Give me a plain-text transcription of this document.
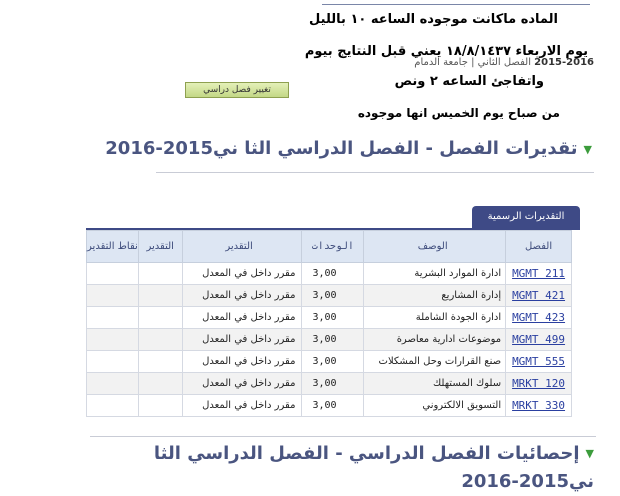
الماده ماكانت موجوده الساعه ١٠ بالليل
يوم الاربعاء ١٨/٨/١٤٣٧ يعني قبل النتايج بيوم
2015-2016 الفصل الثاني | جامعة الدمام
واتفاجئ الساعه ٢ ونص
من صباح يوم الخميس انها موجوده
تغيير فصل دراسي
▼تقديرات الفصل - الفصل الدراسي الثا ني2015-2016
التقديرات الرسمية
الفصل	الوصف	الوحدات	التقدير	التقدير	نقاط التقدير

MGMT 211	ادارة الموارد البشرية	3,00	مقرر داخل في المعدل		

MGMT 421	إدارة المشاريع	3,00	مقرر داخل في المعدل		

MGMT 423	ادارة الجودة الشاملة	3,00	مقرر داخل في المعدل		

MGMT 499	موضوعات ادارية معاصرة	3,00	مقرر داخل في المعدل		

MGMT 555	صنع القرارات وحل المشكلات	3,00	مقرر داخل في المعدل		

MRKT 120	سلوك المستهلك	3,00	مقرر داخل في المعدل		

MRKT 330	التسويق الالكتروني	3,00	مقرر داخل في المعدل		
▼إحصائيات الفصل الدراسي - الفصل الدراسي الثا ني2015-2016
